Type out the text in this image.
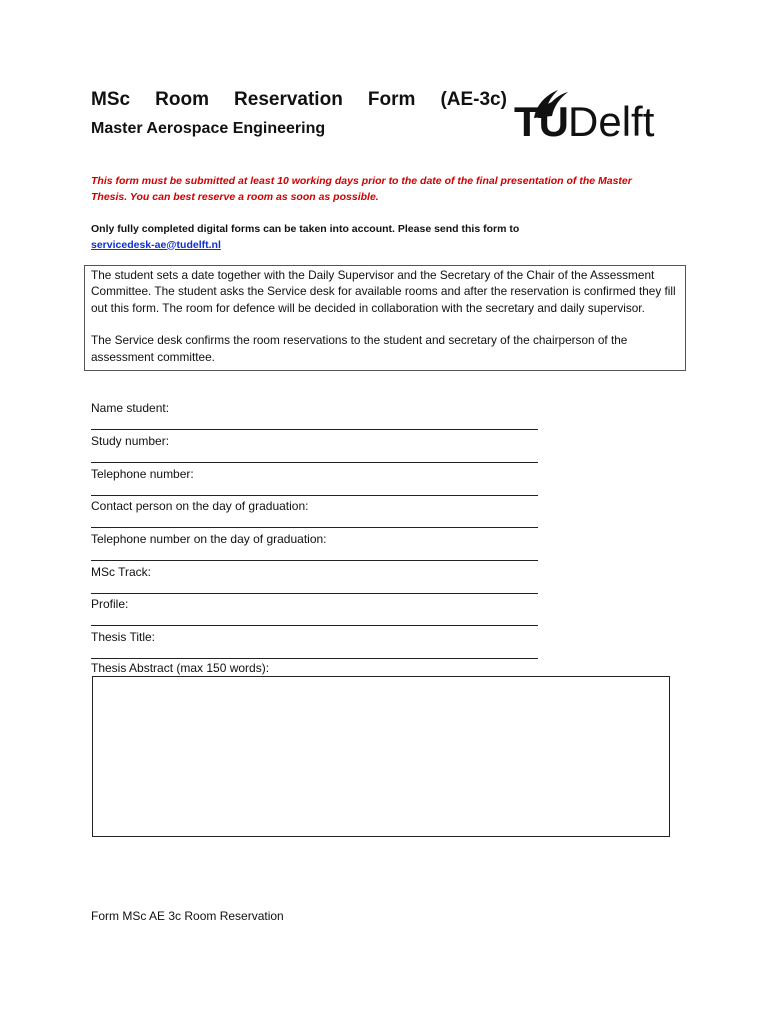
MSc Room Reservation Form (AE-3c)
Master Aerospace Engineering	TUDelft
This form must be submitted at least 10 working days prior to the date of the final presentation of the Master Thesis. You can best reserve a room as soon as possible.
Only fully completed digital forms can be taken into account. Please send this form to
servicedesk-ae@tudelft.nl

The student sets a date together with the Daily Supervisor and the Secretary of the Chair of the Assessment Committee. The student asks the Service desk for available rooms and after the reservation is confirmed they fill out this form. The room for defence will be decided in collaboration with the secretary and daily supervisor.

The Service desk confirms the room reservations to the student and secretary of the chairperson of the assessment committee.

Name student:
Study number:
Telephone number:
Contact person on the day of graduation:
Telephone number on the day of graduation:
MSc Track:
Profile:
Thesis Title:
Thesis Abstract (max 150 words):
Form MSc AE 3c Room Reservation
